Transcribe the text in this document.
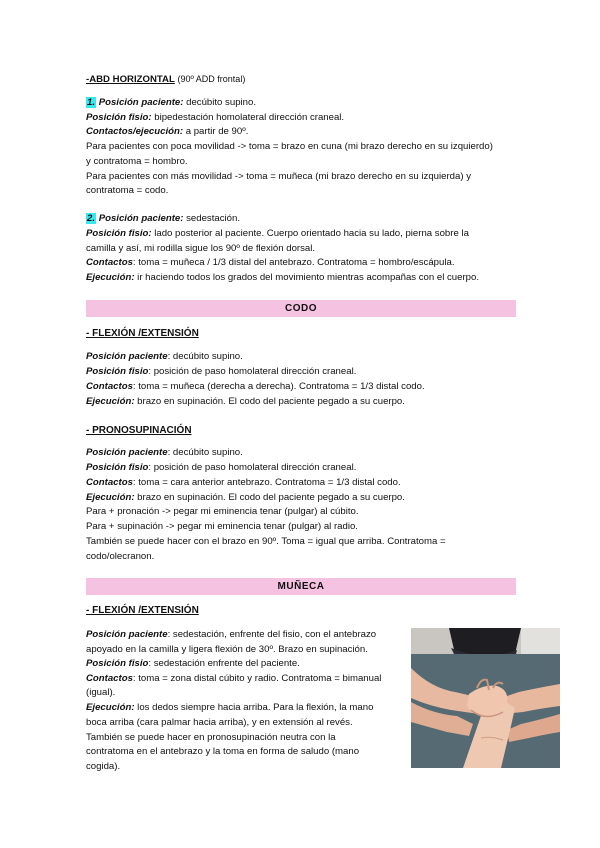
-ABD HORIZONTAL (90º ADD frontal)
1. Posición paciente: decúbito supino.
Posición fisio: bipedestación homolateral dirección craneal.
Contactos/ejecución: a partir de 90º.
Para pacientes con poca movilidad -> toma = brazo en cuna (mi brazo derecho en su izquierdo)
y contratoma = hombro.
Para pacientes con más movilidad -> toma = muñeca (mi brazo derecho en su izquierda) y
contratoma = codo.
2. Posición paciente: sedestación.
Posición fisio: lado posterior al paciente. Cuerpo orientado hacia su lado, pierna sobre la
camilla y así, mi rodilla sigue los 90º de flexión dorsal.
Contactos: toma = muñeca / 1/3 distal del antebrazo. Contratoma = hombro/escápula.
Ejecución: ir haciendo todos los grados del movimiento mientras acompañas con el cuerpo.
CODO
- FLEXIÓN /EXTENSIÓN
Posición paciente: decúbito supino.
Posición fisio: posición de paso homolateral dirección craneal.
Contactos: toma = muñeca (derecha a derecha). Contratoma = 1/3 distal codo.
Ejecución: brazo en supinación. El codo del paciente pegado a su cuerpo.
- PRONOSUPINACIÓN
Posición paciente: decúbito supino.
Posición fisio: posición de paso homolateral dirección craneal.
Contactos: toma = cara anterior antebrazo. Contratoma = 1/3 distal codo.
Ejecución: brazo en supinación. El codo del paciente pegado a su cuerpo.
Para + pronación -> pegar mi eminencia tenar (pulgar) al cúbito.
Para + supinación -> pegar mi eminencia tenar (pulgar) al radio.
También se puede hacer con el brazo en 90º. Toma = igual que arriba. Contratoma =
codo/olecranon.
MUÑECA
- FLEXIÓN /EXTENSIÓN
Posición paciente: sedestación, enfrente del fisio, con el antebrazo
apoyado en la camilla y ligera flexión de 30º. Brazo en supinación.
Posición fisio: sedestación enfrente del paciente.
Contactos: toma = zona distal cúbito y radio. Contratoma = bimanual
(igual).
Ejecución: los dedos siempre hacia arriba. Para la flexión, la mano
boca arriba (cara palmar hacia arriba), y en extensión al revés.
También se puede hacer en pronosupinación neutra con la
contratoma en el antebrazo y la toma en forma de saludo (mano
cogida).
